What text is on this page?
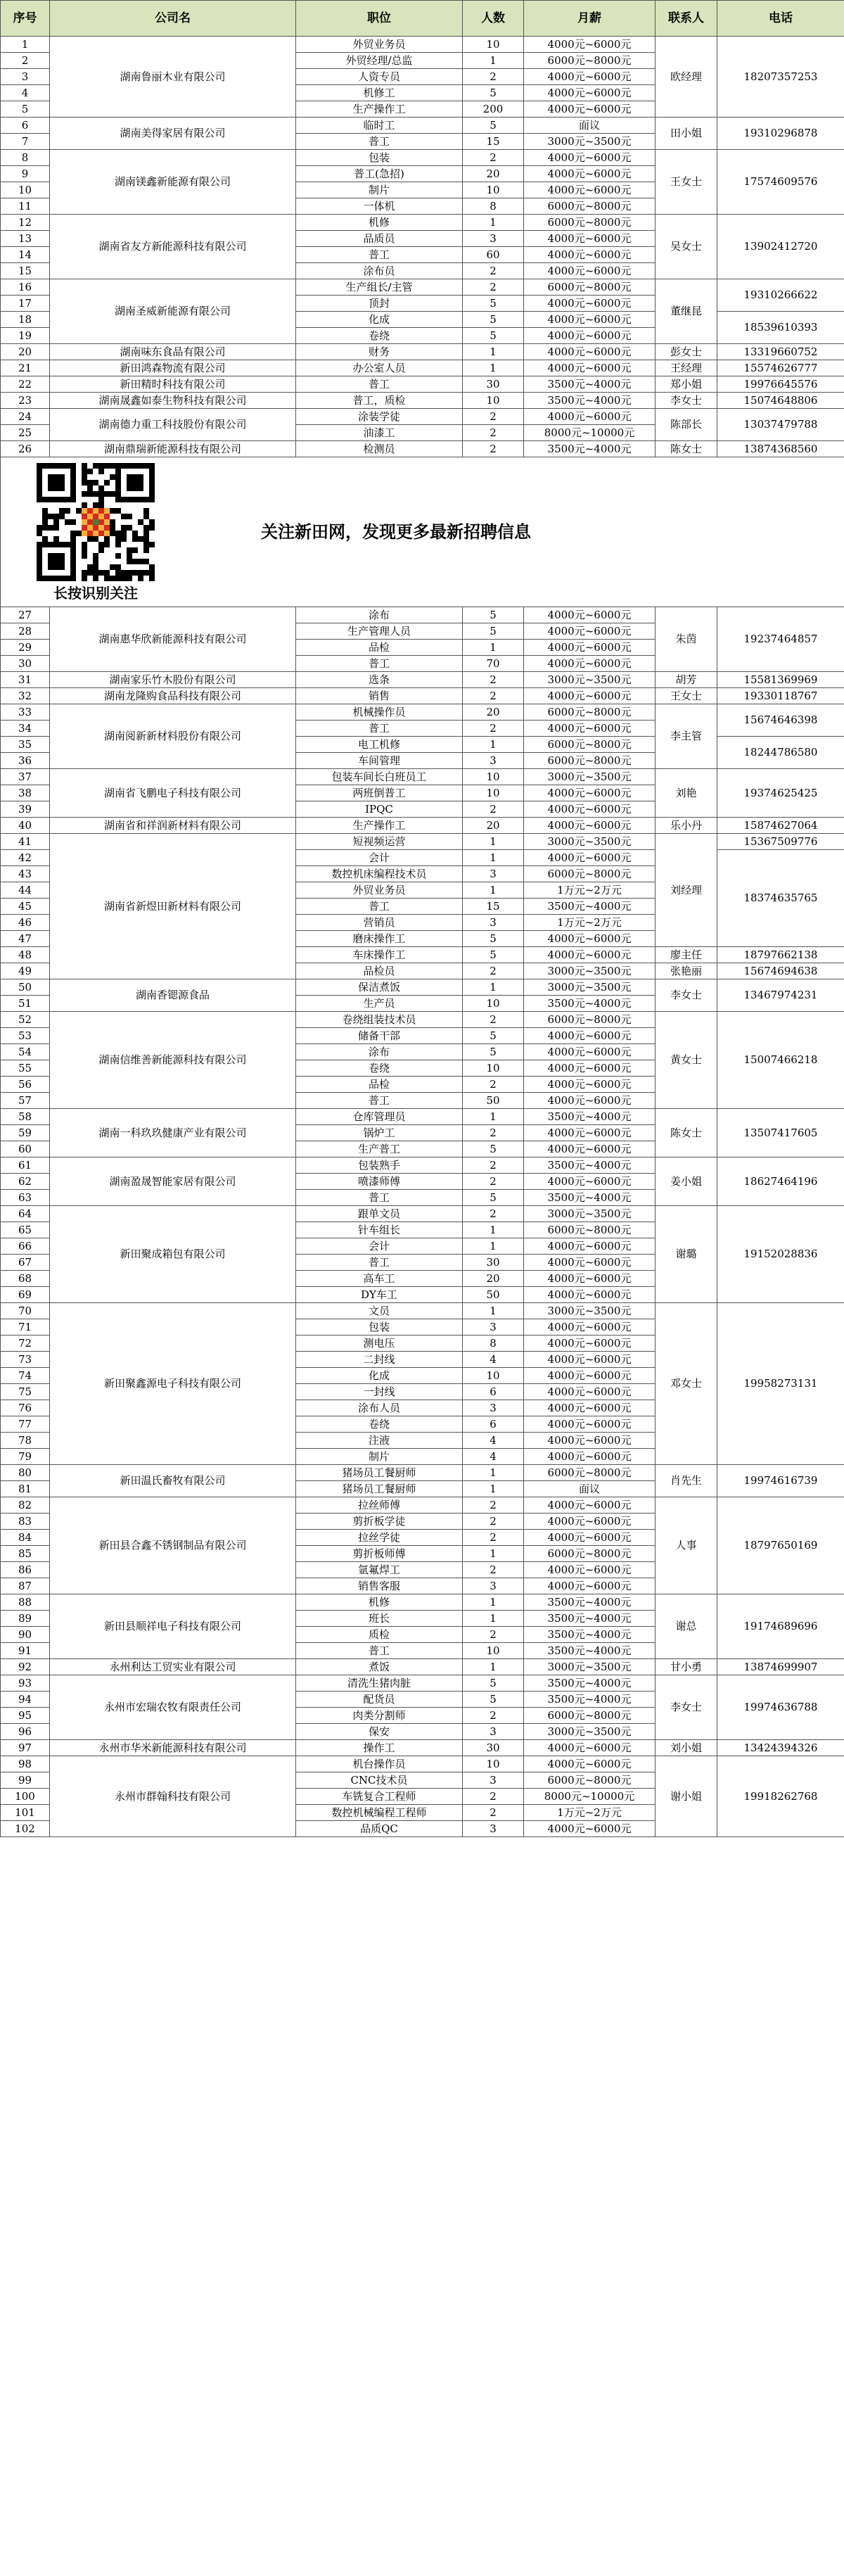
序号	公司名	职位	人数	月薪	联系人	电话
1	湖南鲁丽木业有限公司	外贸业务员	10	4000元~6000元	欧经理	18207357253
2		外贸经理/总监	1	6000元~8000元		
3		人资专员	2	4000元~6000元		
4		机修工	5	4000元~6000元		
5		生产操作工	200	4000元~6000元		
6	湖南美得家居有限公司	临时工	5	面议	田小姐	19310296878
7		普工	15	3000元~3500元		
8	湖南镁鑫新能源有限公司	包装	2	4000元~6000元	王女士	17574609576
9		普工(急招)	20	4000元~6000元		
10		制片	10	4000元~6000元		
11		一体机	8	6000元~8000元		
12	湖南省友方新能源科技有限公司	机修	1	6000元~8000元	吴女士	13902412720
13		品质员	3	4000元~6000元		
14		普工	60	4000元~6000元		
15		涂布员	2	4000元~6000元		
16	湖南圣威新能源有限公司	生产组长/主管	2	6000元~8000元	董继昆	19310266622
17		顶封	5	4000元~6000元		
18		化成	5	4000元~6000元		18539610393
19		卷绕	5	4000元~6000元		
20	湖南味东食品有限公司	财务	1	4000元~6000元	彭女士	13319660752
21	新田鸿森物流有限公司	办公室人员	1	4000元~6000元	王经理	15574626777
22	新田精时科技有限公司	普工	30	3500元~4000元	郑小姐	19976645576
23	湖南晟鑫如泰生物科技有限公司	普工，质检	10	3500元~4000元	李女士	15074648806
24	湖南德力重工科技股份有限公司	涂装学徒	2	4000元~6000元	陈部长	13037479788
25		油漆工	2	8000元~10000元		
26	湖南鼎瑞新能源科技有限公司	检测员	2	3500元~4000元	陈女士	13874368560

长按识别关注
关注新田网，发现更多最新招聘信息						

27	湖南惠华欣新能源科技有限公司	涂布	5	4000元~6000元	朱茵	19237464857
28		生产管理人员	5	4000元~6000元		
29		品检	1	4000元~6000元		
30		普工	70	4000元~6000元		
31	湖南家乐竹木股份有限公司	选条	2	3000元~3500元	胡芳	15581369969
32	湖南龙隆购食品科技有限公司	销售	2	4000元~6000元	王女士	19330118767
33	湖南阅新新材料股份有限公司	机械操作员	20	6000元~8000元	李主管	15674646398
34		普工	2	4000元~6000元		
35		电工机修	1	6000元~8000元		18244786580
36		车间管理	3	6000元~8000元		
37	湖南省飞鹏电子科技有限公司	包装车间长白班员工	10	3000元~3500元	刘艳	19374625425
38		两班倒普工	10	4000元~6000元		
39		IPQC	2	4000元~6000元		
40	湖南省和祥润新材料有限公司	生产操作工	20	4000元~6000元	乐小丹	15874627064
41	湖南省新煜田新材料有限公司	短视频运营	1	3000元~3500元	刘经理	15367509776
42		会计	1	4000元~6000元		18374635765
43		数控机床编程技术员	3	6000元~8000元		
44		外贸业务员	1	1万元~2万元		
45		普工	15	3500元~4000元		
46		营销员	3	1万元~2万元		
47		磨床操作工	5	4000元~6000元		
48		车床操作工	5	4000元~6000元	廖主任	18797662138
49		品检员	2	3000元~3500元	张艳丽	15674694638
50	湖南香锶源食品	保洁煮饭	1	3000元~3500元	李女士	13467974231
51		生产员	10	3500元~4000元		
52	湖南信维善新能源科技有限公司	卷绕组装技术员	2	6000元~8000元	黄女士	15007466218
53		储备干部	5	4000元~6000元		
54		涂布	5	4000元~6000元		
55		卷绕	10	4000元~6000元		
56		品检	2	4000元~6000元		
57		普工	50	4000元~6000元		
58	湖南一科玖玖健康产业有限公司	仓库管理员	1	3500元~4000元	陈女士	13507417605
59		锅炉工	2	4000元~6000元		
60		生产普工	5	4000元~6000元		
61	湖南盈晟智能家居有限公司	包装熟手	2	3500元~4000元	姜小姐	18627464196
62		喷漆师傅	2	4000元~6000元		
63		普工	5	3500元~4000元		
64	新田聚成箱包有限公司	跟单文员	2	3000元~3500元	谢璐	19152028836
65		针车组长	1	6000元~8000元		
66		会计	1	4000元~6000元		
67		普工	30	4000元~6000元		
68		高车工	20	4000元~6000元		
69		DY车工	50	4000元~6000元		
70	新田聚鑫源电子科技有限公司	文员	1	3000元~3500元	邓女士	19958273131
71		包装	3	4000元~6000元		
72		测电压	8	4000元~6000元		
73		二封线	4	4000元~6000元		
74		化成	10	4000元~6000元		
75		一封线	6	4000元~6000元		
76		涂布人员	3	4000元~6000元		
77		卷绕	6	4000元~6000元		
78		注液	4	4000元~6000元		
79		制片	4	4000元~6000元		
80	新田温氏畜牧有限公司	猪场员工餐厨师	1	6000元~8000元	肖先生	19974616739
81		猪场员工餐厨师	1	面议		
82	新田县合鑫不锈钢制品有限公司	拉丝师傅	2	4000元~6000元	人事	18797650169
83		剪折板学徒	2	4000元~6000元		
84		拉丝学徒	2	4000元~6000元		
85		剪折板师傅	1	6000元~8000元		
86		氩氟焊工	2	4000元~6000元		
87		销售客服	3	4000元~6000元		
88	新田县顺祥电子科技有限公司	机修	1	3500元~4000元	谢总	19174689696
89		班长	1	3500元~4000元		
90		质检	2	3500元~4000元		
91		普工	10	3500元~4000元		
92	永州利达工贸实业有限公司	煮饭	1	3000元~3500元	甘小勇	13874699907
93	永州市宏瑞农牧有限责任公司	清洗生猪肉脏	5	3500元~4000元	李女士	19974636788
94		配货员	5	3500元~4000元		
95		肉类分割师	2	6000元~8000元		
96		保安	3	3000元~3500元		
97	永州市华米新能源科技有限公司	操作工	30	4000元~6000元	刘小姐	13424394326
98	永州市群翰科技有限公司	机台操作员	10	4000元~6000元	谢小姐	19918262768
99		CNC技术员	3	6000元~8000元		
100		车铣复合工程师	2	8000元~10000元		
101		数控机械编程工程师	2	1万元~2万元		
102		品质QC	3	4000元~6000元		
